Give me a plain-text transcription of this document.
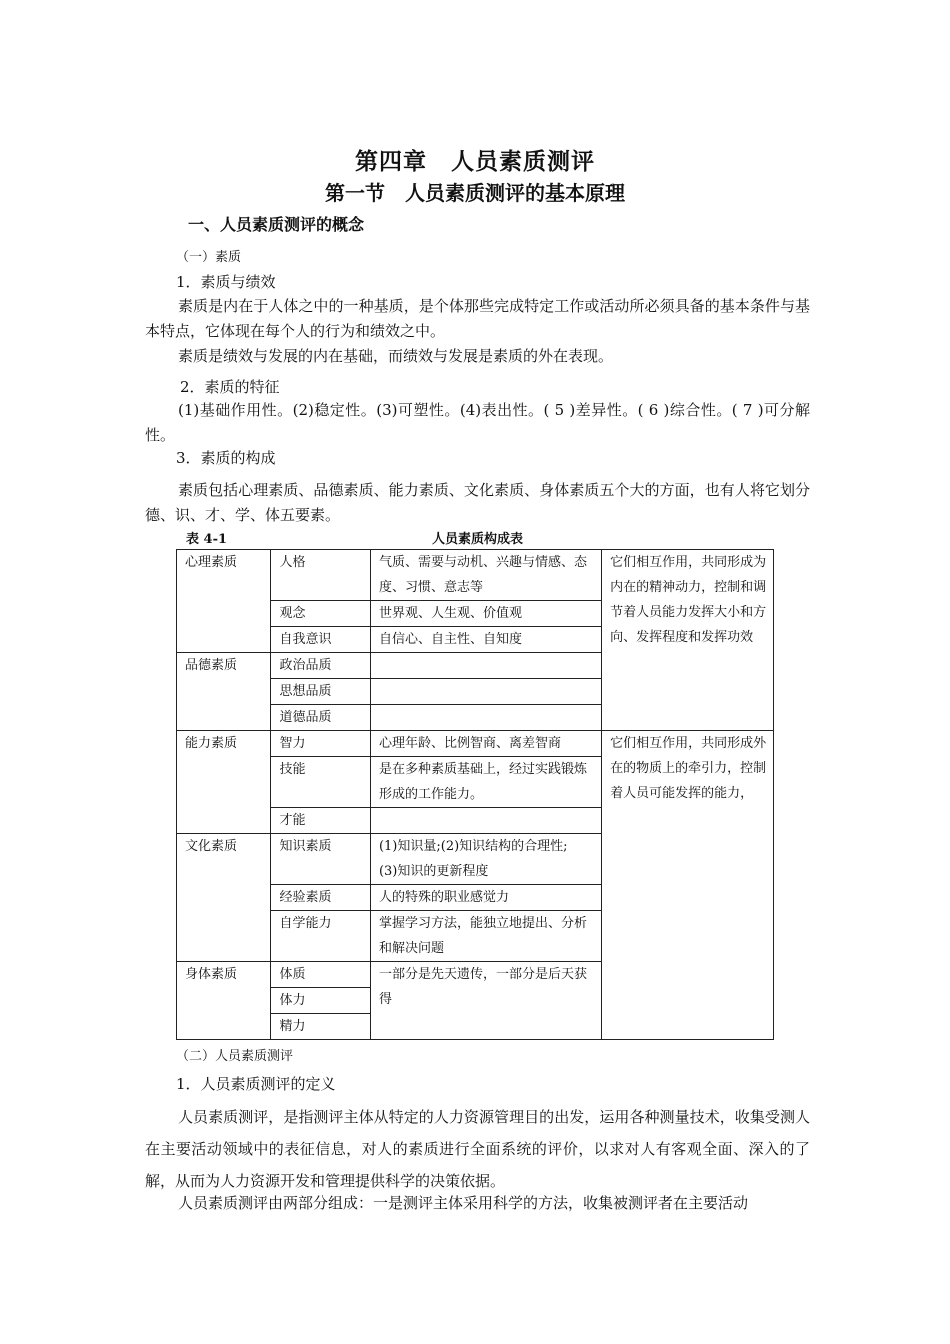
第四章　人员素质测评
第一节　人员素质测评的基本原理
一、人员素质测评的概念
（一）素质
1．素质与绩效
素质是内在于人体之中的一种基质，是个体那些完成特定工作或活动所必须具备的基本条件与基本特点，它体现在每个人的行为和绩效之中。
素质是绩效与发展的内在基础，而绩效与发展是素质的外在表现。
2．素质的特征
(1)基础作用性。(2)稳定性。(3)可塑性。(4)表出性。( 5 )差异性。( 6 )综合性。( 7 )可分解性。
3．素质的构成
素质包括心理素质、品德素质、能力素质、文化素质、身体素质五个大的方面，也有人将它划分德、识、才、学、体五要素。
表 4-1	人员素质构成表
心理素质	人格	气质、需要与动机、兴趣与情感、态度、习惯、意志等	它们相互作用，共同形成为内在的精神动力，控制和调节着人员能力发挥大小和方向、发挥程度和发挥功效
	观念	世界观、人生观、价值观	
	自我意识	自信心、自主性、自知度	
品德素质	政治品质		
	思想品质		
	道德品质		
能力素质	智力	心理年龄、比例智商、离差智商	它们相互作用，共同形成外在的物质上的牵引力，控制着人员可能发挥的能力，
	技能	是在多种素质基础上，经过实践锻炼形成的工作能力。	
	才能		
文化素质	知识素质	(1)知识量;(2)知识结构的合理性;　(3)知识的更新程度	
	经验素质	人的特殊的职业感觉力	
	自学能力	掌握学习方法，能独立地提出、分析和解决问题	
身体素质	体质	一部分是先天遗传，一部分是后天获得	
	体力		
	精力		
（二）人员素质测评
1．人员素质测评的定义
人员素质测评，是指测评主体从特定的人力资源管理目的出发，运用各种测量技术，收集受测人在主要活动领域中的表征信息，对人的素质进行全面系统的评价，以求对人有客观全面、深入的了解，从而为人力资源开发和管理提供科学的决策依据。
人员素质测评由两部分组成：一是测评主体采用科学的方法，收集被测评者在主要活动
